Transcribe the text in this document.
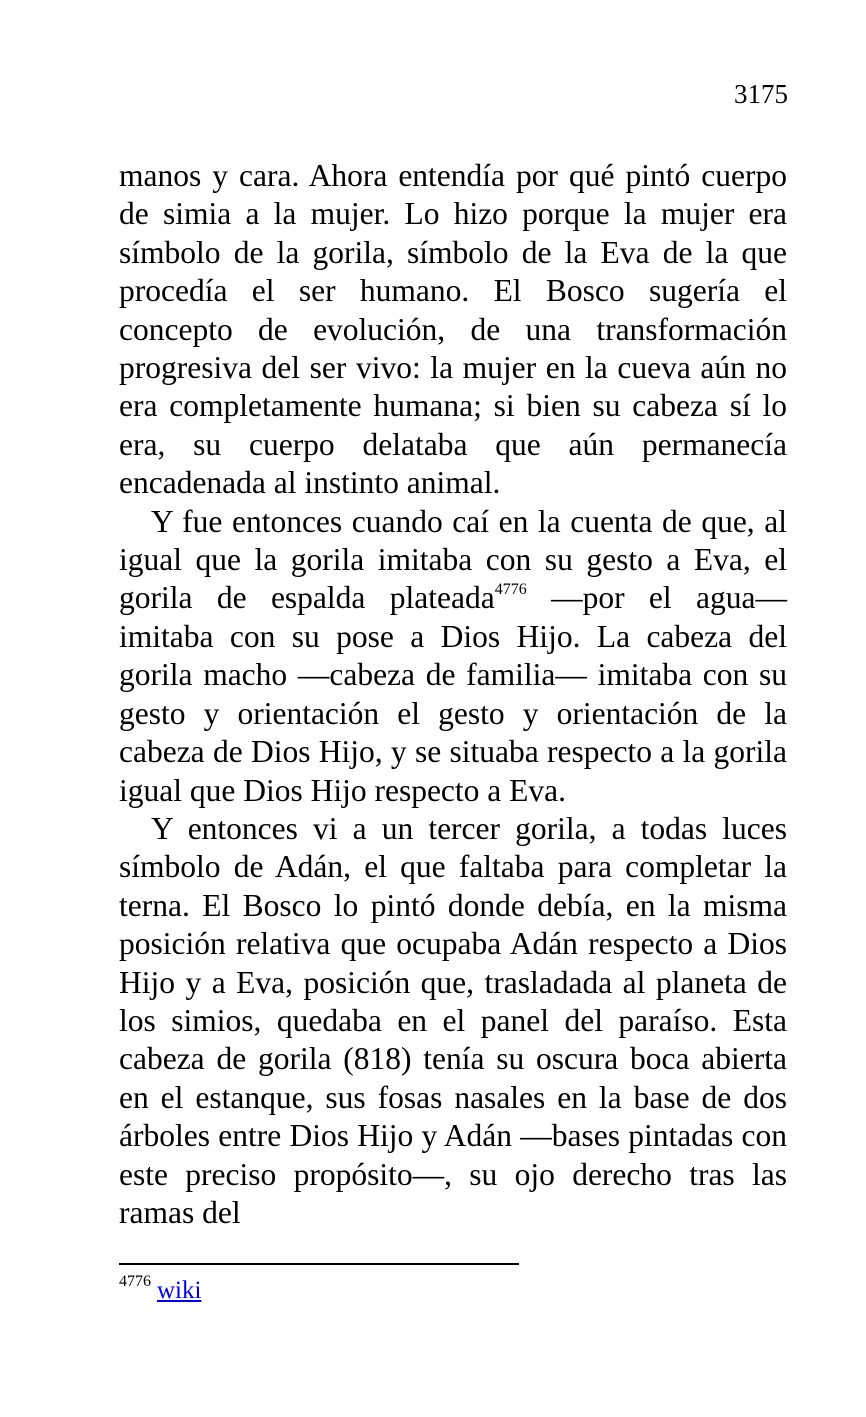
3175

manos y cara. Ahora entendía por qué pintó cuerpo de simia a la mujer. Lo hizo porque la mujer era símbolo de la gorila, símbolo de la Eva de la que procedía el ser humano. El Bosco sugería el concepto de evolución, de una transformación progresiva del ser vivo: la mujer en la cueva aún no era completamente humana; si bien su cabeza sí lo era, su cuerpo delataba que aún permanecía encadenada al instinto animal.

Y fue entonces cuando caí en la cuenta de que, al igual que la gorila imitaba con su gesto a Eva, el gorila de espalda plateada$^{4776}$ —por el agua— imitaba con su pose a Dios Hijo. La cabeza del gorila macho —cabeza de familia— imitaba con su gesto y orientación el gesto y orientación de la cabeza de Dios Hijo, y se situaba respecto a la gorila igual que Dios Hijo respecto a Eva.

Y entonces vi a un tercer gorila, a todas luces símbolo de Adán, el que faltaba para completar la terna. El Bosco lo pintó donde debía, en la misma posición relativa que ocupaba Adán respecto a Dios Hijo y a Eva, posición que, trasladada al planeta de los simios, quedaba en el panel del paraíso. Esta cabeza de gorila (818) tenía su oscura boca abierta en el estanque, sus fosas nasales en la base de dos árboles entre Dios Hijo y Adán —bases pintadas con este preciso propósito—, su ojo derecho tras las ramas del

$^{4776}$ wiki
